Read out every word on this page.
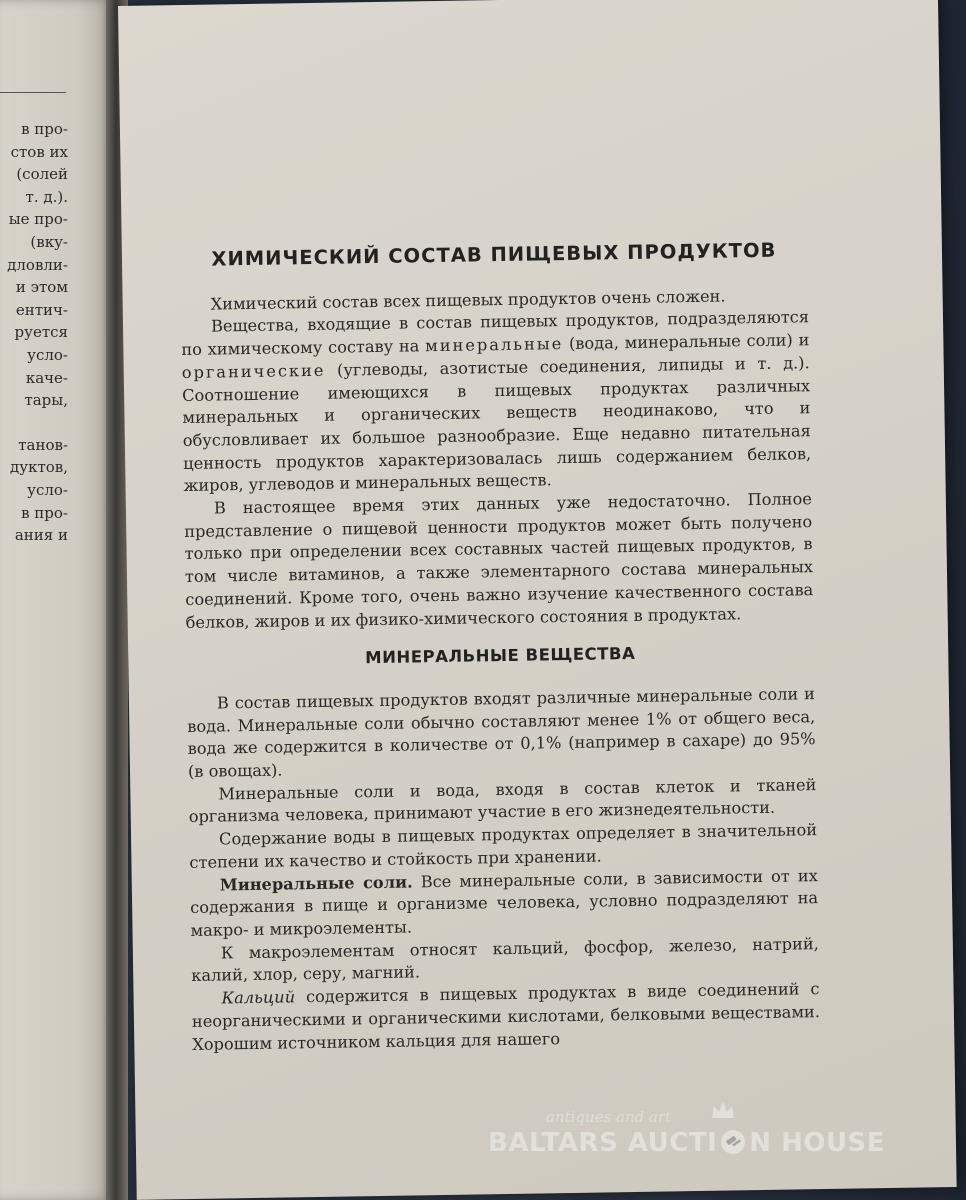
в про-
стов их
(солей
т. д.).
ые про-
(вку-
дловли-
и этом
ентич-
руется
усло-
каче-
тары,
танов-
дуктов,
усло-
в про-
ания и
ХИМИЧЕСКИЙ СОСТАВ ПИЩЕВЫХ ПРОДУКТОВ

Химический состав всех пищевых продуктов очень сложен.

Вещества, входящие в состав пищевых продуктов, подразделяются по химическому составу на минеральные (вода, минеральные соли) и органические (углеводы, азотистые соединения, липиды и т. д.). Соотношение имеющихся в пищевых продуктах различных минеральных и органических веществ неодинаково, что и обусловливает их большое разнообразие. Еще недавно питательная ценность продуктов характеризовалась лишь содержанием белков, жиров, углеводов и минеральных веществ.

В настоящее время этих данных уже недостаточно. Полное представление о пищевой ценности продуктов может быть получено только при определении всех составных частей пищевых продуктов, в том числе витаминов, а также элементарного состава минеральных соединений. Кроме того, очень важно изучение качественного состава белков, жиров и их физико-химического состояния в продуктах.

МИНЕРАЛЬНЫЕ ВЕЩЕСТВА

В состав пищевых продуктов входят различные минеральные соли и вода. Минеральные соли обычно составляют менее 1% от общего веса, вода же содержится в количестве от 0,1% (например в сахаре) до 95% (в овощах).

Минеральные соли и вода, входя в состав клеток и тканей организма человека, принимают участие в его жизнедеятельности.

Содержание воды в пищевых продуктах определяет в значительной степени их качество и стойкость при хранении.

Минеральные соли. Все минеральные соли, в зависимости от их содержания в пище и организме человека, условно подразделяют на макро- и микроэлементы.

К макроэлементам относят кальций, фосфор, железо, натрий, калий, хлор, серу, магний.

Кальций содержится в пищевых продуктах в виде соединений с неорганическими и органическими кислотами, белковыми веществами. Хорошим источником кальция для нашего

antiques and art
BALTARS AUCTI N HOUSE
